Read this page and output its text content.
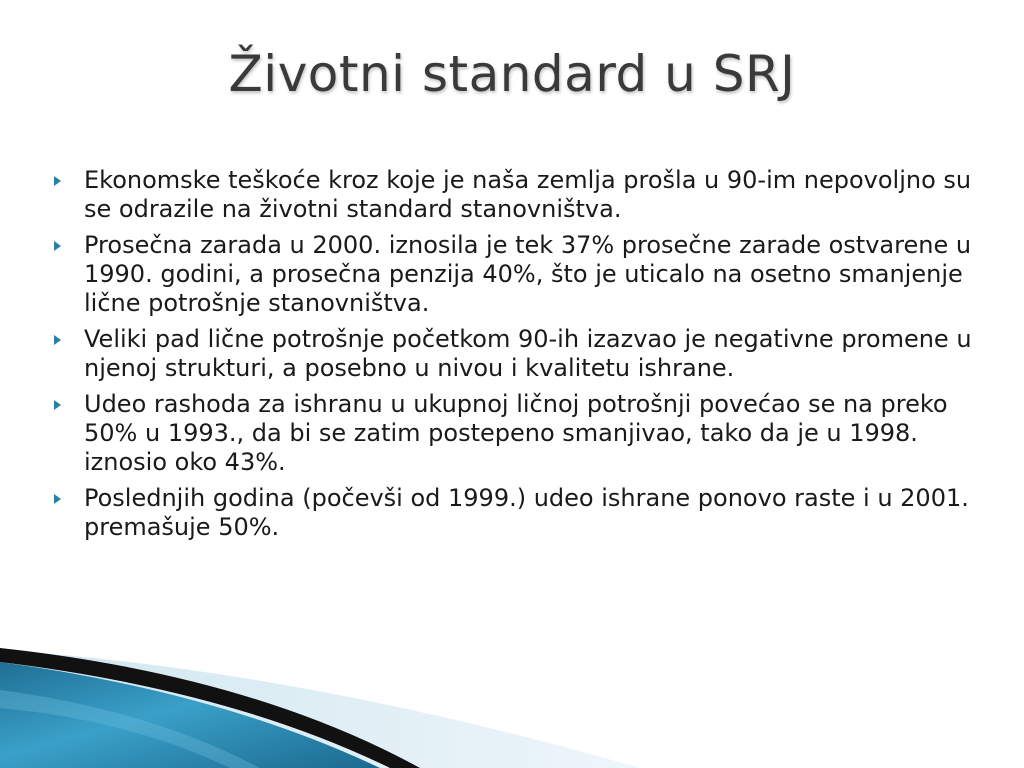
Životni standard u SRJ
Ekonomske teškoće kroz koje je naša zemlja prošla u 90-im nepovoljno su se odrazile na životni standard stanovništva.
Prosečna zarada u 2000. iznosila je tek 37% prosečne zarade ostvarene u 1990. godini, a prosečna penzija 40%, što je uticalo na osetno smanjenje lične potrošnje stanovništva.
Veliki pad lične potrošnje početkom 90-ih izazvao je negativne promene u njenoj strukturi, a posebno u nivou i kvalitetu ishrane.
Udeo rashoda za ishranu u ukupnoj ličnoj potrošnji povećao se na preko 50% u 1993., da bi se zatim postepeno smanjivao, tako da je u 1998. iznosio oko 43%.
Poslednjih godina (počevši od 1999.) udeo ishrane ponovo raste i u 2001. premašuje 50%.
